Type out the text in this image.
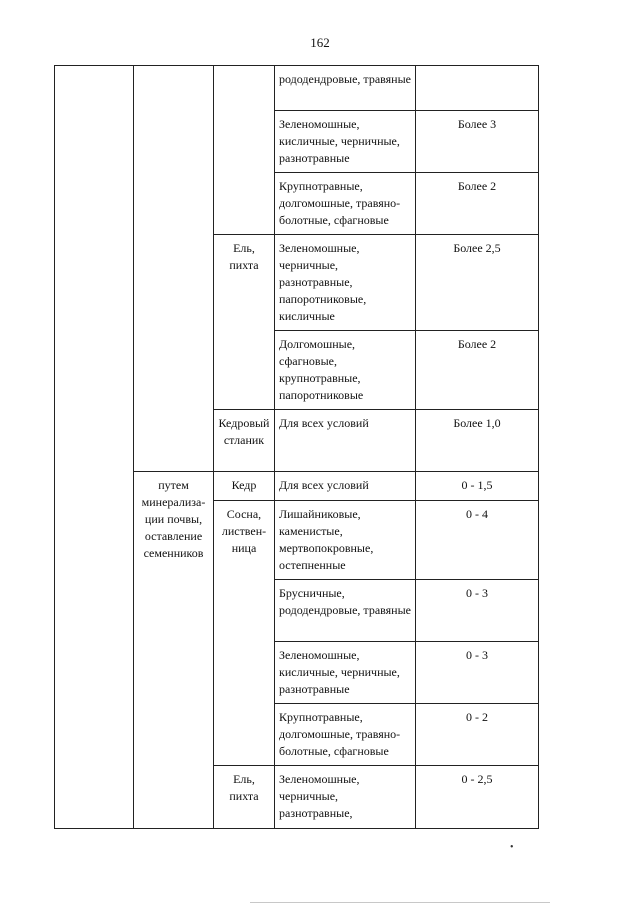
162
			рододендровые, травяные	
			Зеленомошные, кисличные, черничные, разнотравные	Более 3
			Крупнотравные, долгомошные, травяно-болотные, сфагновые	Более 2
		Ель, пихта	Зеленомошные, черничные, разнотравные, папоротниковые, кисличные	Более 2,5
			Долгомошные, сфагновые, крупнотравные, папоротниковые	Более 2
		Кедровый стланик	Для всех условий	Более 1,0
	путем минерализации почвы, оставление семенников	Кедр	Для всех условий	0 - 1,5
		Сосна, лиственница	Лишайниковые, каменистые, мертвопокровные, остепненные	0 - 4
			Брусничные, рододендровые, травяные	0 - 3
			Зеленомошные, кисличные, черничные, разнотравные	0 - 3
			Крупнотравные, долгомошные, травяно-болотные, сфагновые	0 - 2
		Ель, пихта	Зеленомошные, черничные, разнотравные,	0 - 2,5
•
